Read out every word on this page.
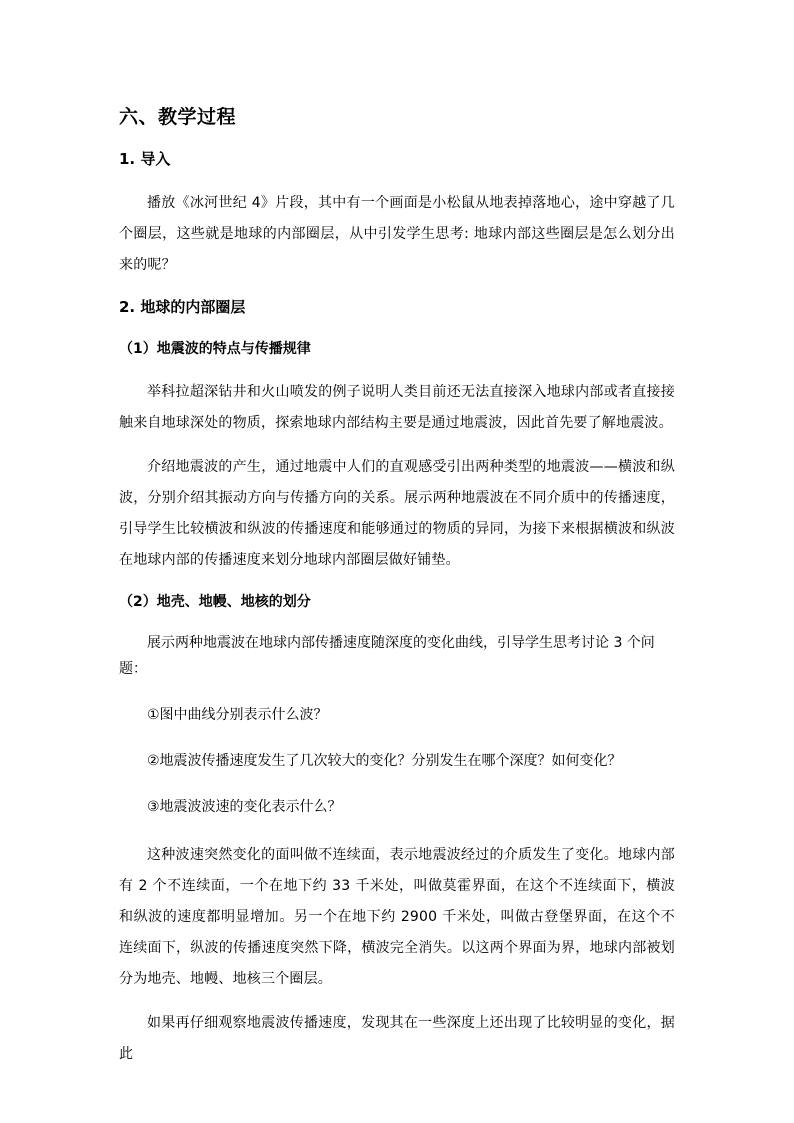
六、教学过程
1. 导入
播放《冰河世纪 4》片段，其中有一个画面是小松鼠从地表掉落地心，途中穿越了几个圈层，这些就是地球的内部圈层，从中引发学生思考: 地球内部这些圈层是怎么划分出来的呢？
2. 地球的内部圈层
（1）地震波的特点与传播规律
举科拉超深钻井和火山喷发的例子说明人类目前还无法直接深入地球内部或者直接接触来自地球深处的物质，探索地球内部结构主要是通过地震波，因此首先要了解地震波。
介绍地震波的产生，通过地震中人们的直观感受引出两种类型的地震波——横波和纵波，分别介绍其振动方向与传播方向的关系。展示两种地震波在不同介质中的传播速度，引导学生比较横波和纵波的传播速度和能够通过的物质的异同，为接下来根据横波和纵波在地球内部的传播速度来划分地球内部圈层做好铺垫。
（2）地壳、地幔、地核的划分
展示两种地震波在地球内部传播速度随深度的变化曲线，引导学生思考讨论 3 个问题：
①图中曲线分别表示什么波？
②地震波传播速度发生了几次较大的变化？分别发生在哪个深度？如何变化？
③地震波波速的变化表示什么？
这种波速突然变化的面叫做不连续面，表示地震波经过的介质发生了变化。地球内部有 2 个不连续面，一个在地下约 33 千米处，叫做莫霍界面，在这个不连续面下，横波和纵波的速度都明显增加。另一个在地下约 2900 千米处，叫做古登堡界面，在这个不连续面下，纵波的传播速度突然下降，横波完全消失。以这两个界面为界，地球内部被划分为地壳、地幔、地核三个圈层。
如果再仔细观察地震波传播速度，发现其在一些深度上还出现了比较明显的变化，据此
